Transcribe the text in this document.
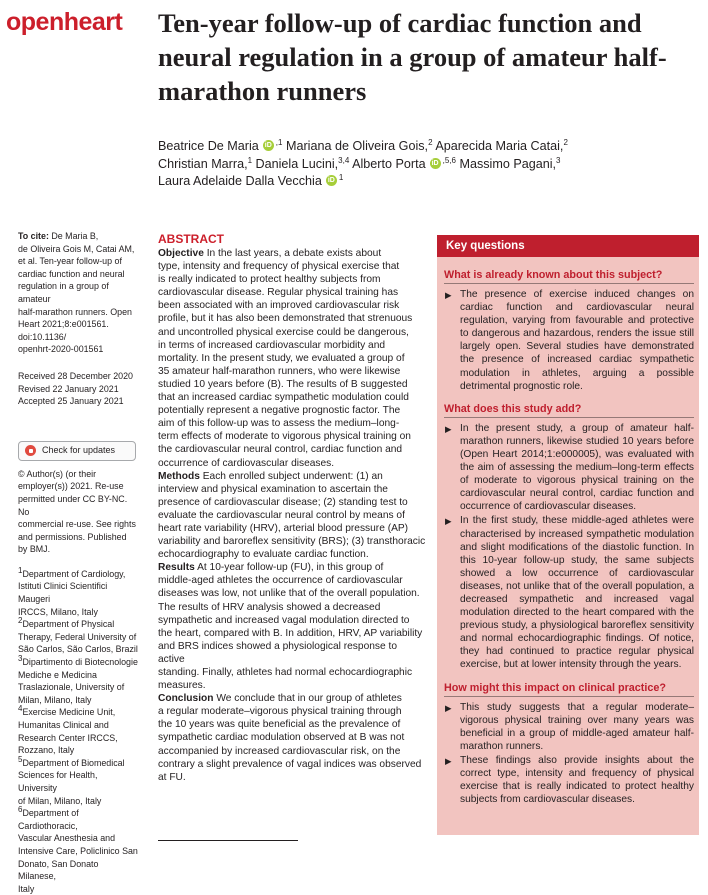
openheart Ten-year follow-up of cardiac function and neural regulation in a group of amateur half-marathon runners
Beatrice De Maria iD $^{,1}$ Mariana de Oliveira Gois,$^2$ Aparecida Maria Catai,$^2$
Christian Marra,$^1$ Daniela Lucini,$^{3,4}$ Alberto Porta iD $^{,5,6}$ Massimo Pagani,$^3$
Laura Adelaide Dalla Vecchia iD $^1$

To cite: De Maria B,
de Oliveira Gois M, Catai AM,
et al. Ten-year follow-up of
cardiac function and neural
regulation in a group of amateur
half-marathon runners. Open
Heart 2021;8:e001561.
doi:10.1136/
openhrt-2020-001561

Received 28 December 2020
Revised 22 January 2021
Accepted 25 January 2021

Check for updates

© Author(s) (or their
employer(s)) 2021. Re-use
permitted under CC BY-NC. No
commercial re-use. See rights
and permissions. Published
by BMJ.

$^1$Department of Cardiology,
Istituti Clinici Scientifici Maugeri
IRCCS, Milano, Italy

$^2$Department of Physical
Therapy, Federal University of
São Carlos, São Carlos, Brazil

$^3$Dipartimento di Biotecnologie
Mediche e Medicina
Traslazionale, University of
Milan, Milano, Italy

$^4$Exercise Medicine Unit,
Humanitas Clinical and
Research Center IRCCS,
Rozzano, Italy

$^5$Department of Biomedical
Sciences for Health, University
of Milan, Milano, Italy

$^6$Department of Cardiothoracic,
Vascular Anesthesia and
Intensive Care, Policlinico San
Donato, San Donato Milanese,
Italy

ABSTRACT

Objective In the last years, a debate exists about
type, intensity and frequency of physical exercise that
is really indicated to protect healthy subjects from
cardiovascular disease. Regular physical training has
been associated with an improved cardiovascular risk
profile, but it has also been demonstrated that strenuous
and uncontrolled physical exercise could be dangerous,
in terms of increased cardiovascular morbidity and
mortality. In the present study, we evaluated a group of
35 amateur half-marathon runners, who were likewise
studied 10 years before (B). The results of B suggested
that an increased cardiac sympathetic modulation could
potentially represent a negative prognostic factor. The
aim of this follow-up was to assess the medium–long-
term effects of moderate to vigorous physical training on
the cardiovascular neural control, cardiac function and
occurrence of cardiovascular diseases.

Methods Each enrolled subject underwent: (1) an
interview and physical examination to ascertain the
presence of cardiovascular disease; (2) standing test to
evaluate the cardiovascular neural control by means of
heart rate variability (HRV), arterial blood pressure (AP)
variability and baroreflex sensitivity (BRS); (3) transthoracic
echocardiography to evaluate cardiac function.

Results At 10-year follow-up (FU), in this group of
middle-aged athletes the occurrence of cardiovascular
diseases was low, not unlike that of the overall population.
The results of HRV analysis showed a decreased
sympathetic and increased vagal modulation directed to
the heart, compared with B. In addition, HRV, AP variability
and BRS indices showed a physiological response to active
standing. Finally, athletes had normal echocardiographic
measures.

Conclusion We conclude that in our group of athletes
a regular moderate–vigorous physical training through
the 10 years was quite beneficial as the prevalence of
sympathetic cardiac modulation observed at B was not
accompanied by increased cardiovascular risk, on the
contrary a slight prevalence of vagal indices was observed
at FU.

Key questions
What is already known about this subject?
▶ The presence of exercise induced changes on cardiac function and cardiovascular neural regulation, varying from favourable and protective to dangerous and hazardous, renders the issue still largely open. Several studies have demonstrated the presence of increased cardiac sympathetic modulation in athletes, arguing a possible detrimental prognostic role.
What does this study add?
▶ In the present study, a group of amateur half-marathon runners, likewise studied 10 years before (Open Heart 2014;1:e000005), was evaluated with the aim of assessing the medium–long-term effects of moderate to vigorous physical training on the cardiovascular neural control, cardiac function and occurrence of cardiovascular diseases.
▶ In the first study, these middle-aged athletes were characterised by increased sympathetic modulation and slight modifications of the diastolic function. In this 10-year follow-up study, the same subjects showed a low occurrence of cardiovascular diseases, not unlike that of the overall population, a decreased sympathetic and increased vagal modulation directed to the heart compared with the previous study, a physiological baroreflex sensitivity and normal echocardiographic findings. Of notice, they had continued to practice regular physical exercise, but at lower intensity through the years.
How might this impact on clinical practice?
▶ This study suggests that a regular moderate–vigorous physical training over many years was beneficial in a group of middle-aged amateur half-marathon runners.
▶ These findings also provide insights about the correct type, intensity and frequency of physical exercise that is really indicated to protect healthy subjects from cardiovascular diseases.
